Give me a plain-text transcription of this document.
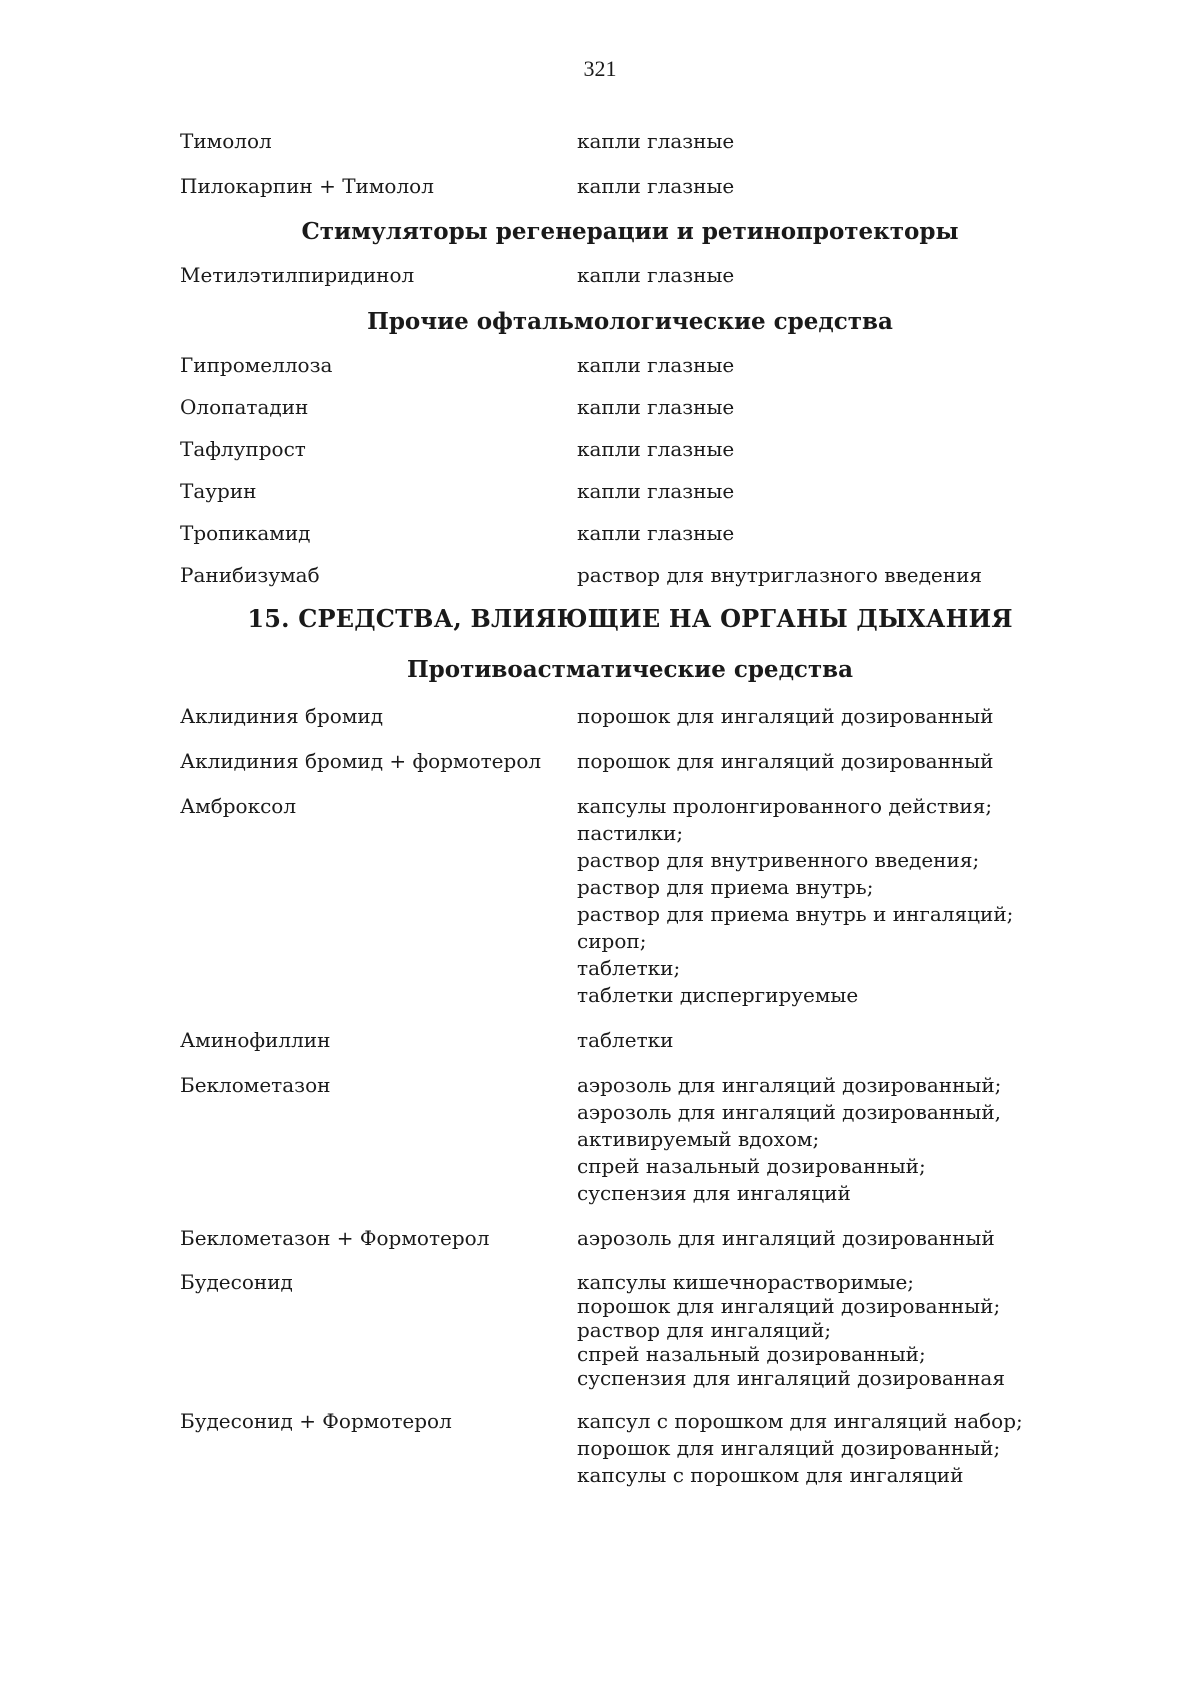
321
Тимолол	капли глазные
Пилокарпин + Тимолол	капли глазные
Стимуляторы регенерации и ретинопротекторы
Метилэтилпиридинол	капли глазные
Прочие офтальмологические средства
Гипромеллоза	капли глазные
Олопатадин	капли глазные
Тафлупрост	капли глазные
Таурин	капли глазные
Тропикамид	капли глазные
Ранибизумаб	раствор для внутриглазного введения
15. СРЕДСТВА, ВЛИЯЮЩИЕ НА ОРГАНЫ ДЫХАНИЯ
Противоастматические средства
Аклидиния бромид	порошок для ингаляций дозированный
Аклидиния бромид + формотерол	порошок для ингаляций дозированный
Амброксол	капсулы пролонгированного действия;
пастилки;
раствор для внутривенного введения;
раствор для приема внутрь;
раствор для приема внутрь и ингаляций;
сироп;
таблетки;
таблетки диспергируемые
Аминофиллин	таблетки
Беклометазон	аэрозоль для ингаляций дозированный;
аэрозоль для ингаляций дозированный,
активируемый вдохом;
спрей назальный дозированный;
суспензия для ингаляций
Беклометазон + Формотерол	аэрозоль для ингаляций дозированный
Будесонид	капсулы кишечнорастворимые;
порошок для ингаляций дозированный;
раствор для ингаляций;
спрей назальный дозированный;
суспензия для ингаляций дозированная
Будесонид + Формотерол	капсул с порошком для ингаляций набор;
порошок для ингаляций дозированный;
капсулы с порошком для ингаляций
